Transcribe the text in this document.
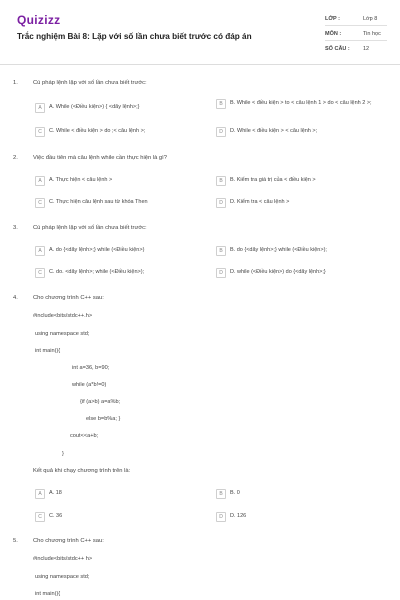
Quizizz
Trắc nghiệm Bài 8: Lặp với số lần chưa biết trước có đáp án
LỚP :	Lớp 8
MÔN :	Tin học
SỐ CÂU : 12
1.	Cú pháp lệnh lặp với số lần chưa biết trước:
A	A. While (<Điều kiện>) { <dãy lệnh>;}
B	B. While < điều kiện > to < câu lệnh 1 > do < câu lệnh 2 >;
C	C. While < điều kiện > do ;< câu lệnh >;	D	D. While < điều kiện > < câu lệnh >;
2.	Việc đầu tiên mà câu lệnh while cần thực hiện là gì?
A	A. Thực hiện < câu lệnh >	B	B. Kiểm tra giá trị của < điều kiện >
C	C. Thực hiện câu lệnh sau từ khóa Then	D	D. Kiểm tra < câu lệnh >
3.	Cú pháp lệnh lặp với số lần chưa biết trước:
A	A. do {<dãy lệnh>;} while (<Điều kiện>)	B	B. do {<dãy lệnh>;} while (<Điều kiện>);
C	C. do. <dãy lệnh>; while (<Điều kiện>);	D	D. while (<Điều kiện>) do {<dãy lệnh>;}
4.	Cho chương trình C++ sau:
#include<bits/stdc++.h>
using namespace std;
int main(){
int a=36, b=90;
while (a*b!=0)
{if (a>b) a=a%b;
else b=b%a; }
cout<<a+b;
}
Kết quả khi chạy chương trình trên là:
A	A. 18	B	B. 0
C	C. 36	D	D. 126
5.	Cho chương trình C++ sau:
#include<bits/stdc++ h>
using namespace std;
int main(){
